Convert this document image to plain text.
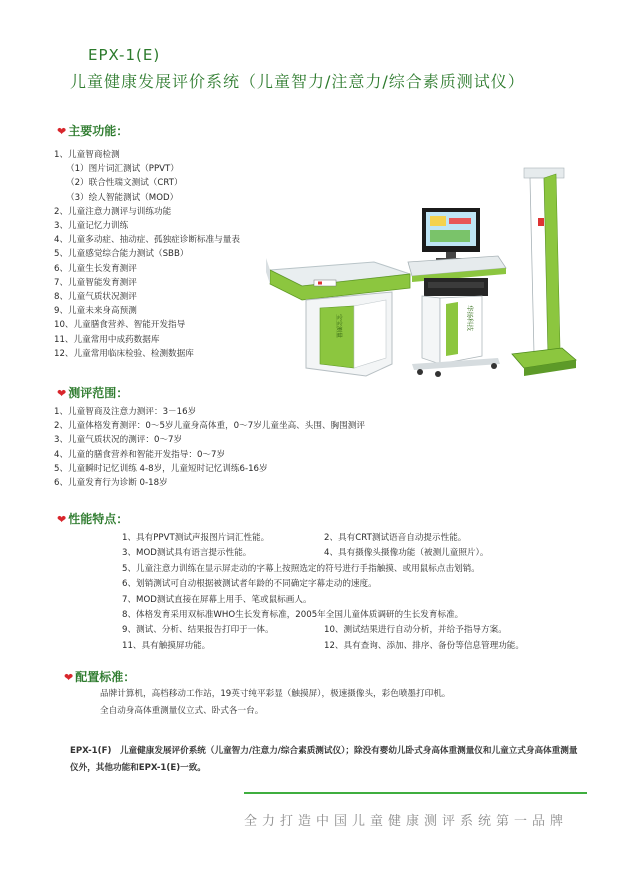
EPX-1(E)
儿童健康发展评价系统（儿童智力/注意力/综合素质测试仪）
❤ 主要功能：
1、儿童智商检测
（1）图片词汇测试（PPVT）
（2）联合性瑞文测试（CRT）
（3）绘人智能测试（MOD）
2、儿童注意力测评与训练功能
3、儿童记忆力训练
4、儿童多动症、抽动症、孤独症诊断标准与量表
5、儿童感觉综合能力测试（SBB）
6、儿童生长发育测评
7、儿童智能发育测评
8、儿童气质状况测评
9、儿童未来身高预测
10、儿童膳食营养、智能开发指导
11、儿童常用中成药数据库
12、儿童常用临床检验、检测数据库
宝宝测量	华扬科技
❤ 测评范围：
1、儿童智商及注意力测评：3－16岁
2、儿童体格发育测评：0～5岁儿童身高体重，0～7岁儿童坐高、头围、胸围测评
3、儿童气质状况的测评：0～7岁
4、儿童的膳食营养和智能开发指导：0～7岁
5、儿童瞬时记忆训练 4-8岁，儿童短时记忆训练6-16岁
6、儿童发育行为诊断 0-18岁
❤ 性能特点：
1、具有PPVT测试声报图片词汇性能。	2、具有CRT测试语音自动提示性能。
3、MOD测试具有语言提示性能。	4、具有摄像头摄像功能（被测儿童照片）。
5、儿童注意力训练在显示屏走动的字幕上按照选定的符号进行手指触摸、或用鼠标点击划销。
6、划销测试可自动根据被测试者年龄的不同确定字幕走动的速度。
7、MOD测试直接在屏幕上用手、笔或鼠标画人。
8、体格发育采用双标准WHO生长发育标准，2005年全国儿童体质调研的生长发育标准。
9、测试、分析、结果报告打印于一体。	10、测试结果进行自动分析，并给予指导方案。
11、具有触摸屏功能。	12、具有查询、添加、排序、备份等信息管理功能。
❤ 配置标准：
品牌计算机，高档移动工作站，19英寸纯平彩显（触摸屏），极速摄像头，彩色喷墨打印机。
全自动身高体重测量仪立式、卧式各一台。
EPX-1(F)　儿童健康发展评价系统（儿童智力/注意力/综合素质测试仪）；除没有婴幼儿卧式身高体重测量仪和儿童立式身高体重测量仪外，其他功能和EPX-1(E)一致。
全力打造中国儿童健康测评系统第一品牌
